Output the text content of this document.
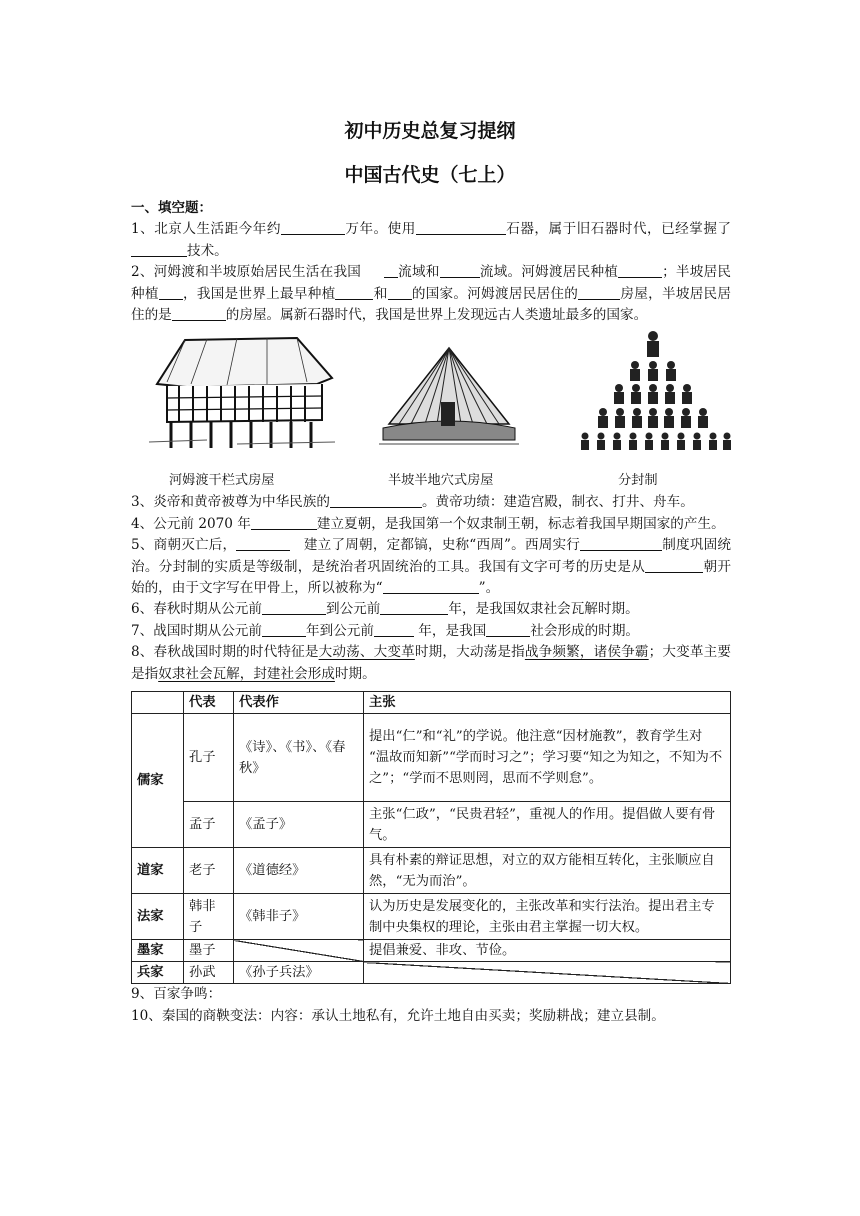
初中历史总复习提纲
中国古代史（七上）
一、填空题：

1、北京人生活距今年约	万年。使用	石器，属于旧石器时代，已经掌握了技术。

2、河姆渡和半坡原始居民生活在我国	流域和	流域。河姆渡居民种植	；半坡居民种植 ，我国是世界上最早种植	和 的国家。河姆渡居民居住的	房屋，半坡居民居住的是	的房屋。属新石器时代，我国是世界上发现远古人类遗址最多的国家。

河姆渡干栏式房屋	半坡半地穴式房屋	分封制

3、炎帝和黄帝被尊为中华民族的	。黄帝功绩：建造宫殿，制衣、打井、舟车。

4、公元前 2070 年	建立夏朝，是我国第一个奴隶制王朝，标志着我国早期国家的产生。

5、商朝灭亡后，	建立了周朝，定都镐，史称“西周”。西周实行	制度巩固统治。分封制的实质是等级制，是统治者巩固统治的工具。我国有文字可考的历史是从	朝开始的，由于文字写在甲骨上，所以被称为“	”。

6、春秋时期从公元前	到公元前	年，是我国奴隶社会瓦解时期。

7、战国时期从公元前	年到公元前	年，是我国	社会形成的时期。

8、春秋战国时期的时代特征是大动荡、大变革时期，大动荡是指战争频繁，诸侯争霸；大变革主要是指奴隶社会瓦解，封建社会形成时期。

	代表	代表作	主张
儒家	孔子	《诗》、《书》、《春秋》	提出“仁”和“礼”的学说。他注意“因材施教”，教育学生对 “温故而知新”“学而时习之”；学习要“知之为知之，不知为不之”；“学而不思则罔，思而不学则怠”。
	孟子	《孟子》	主张“仁政”，“民贵君轻”，重视人的作用。提倡做人要有骨气。
道家	老子	《道德经》	具有朴素的辩证思想，对立的双方能相互转化，主张顺应自然，“无为而治”。
法家	韩非子	《韩非子》	认为历史是发展变化的，主张改革和实行法治。提出君主专制中央集权的理论，主张由君主掌握一切大权。
墨家	墨子		提倡兼爱、非攻、节俭。
兵家	孙武	《孙子兵法》	

9、百家争鸣：

10、秦国的商鞅变法：内容：承认土地私有，允许土地自由买卖；奖励耕战；建立县制。
